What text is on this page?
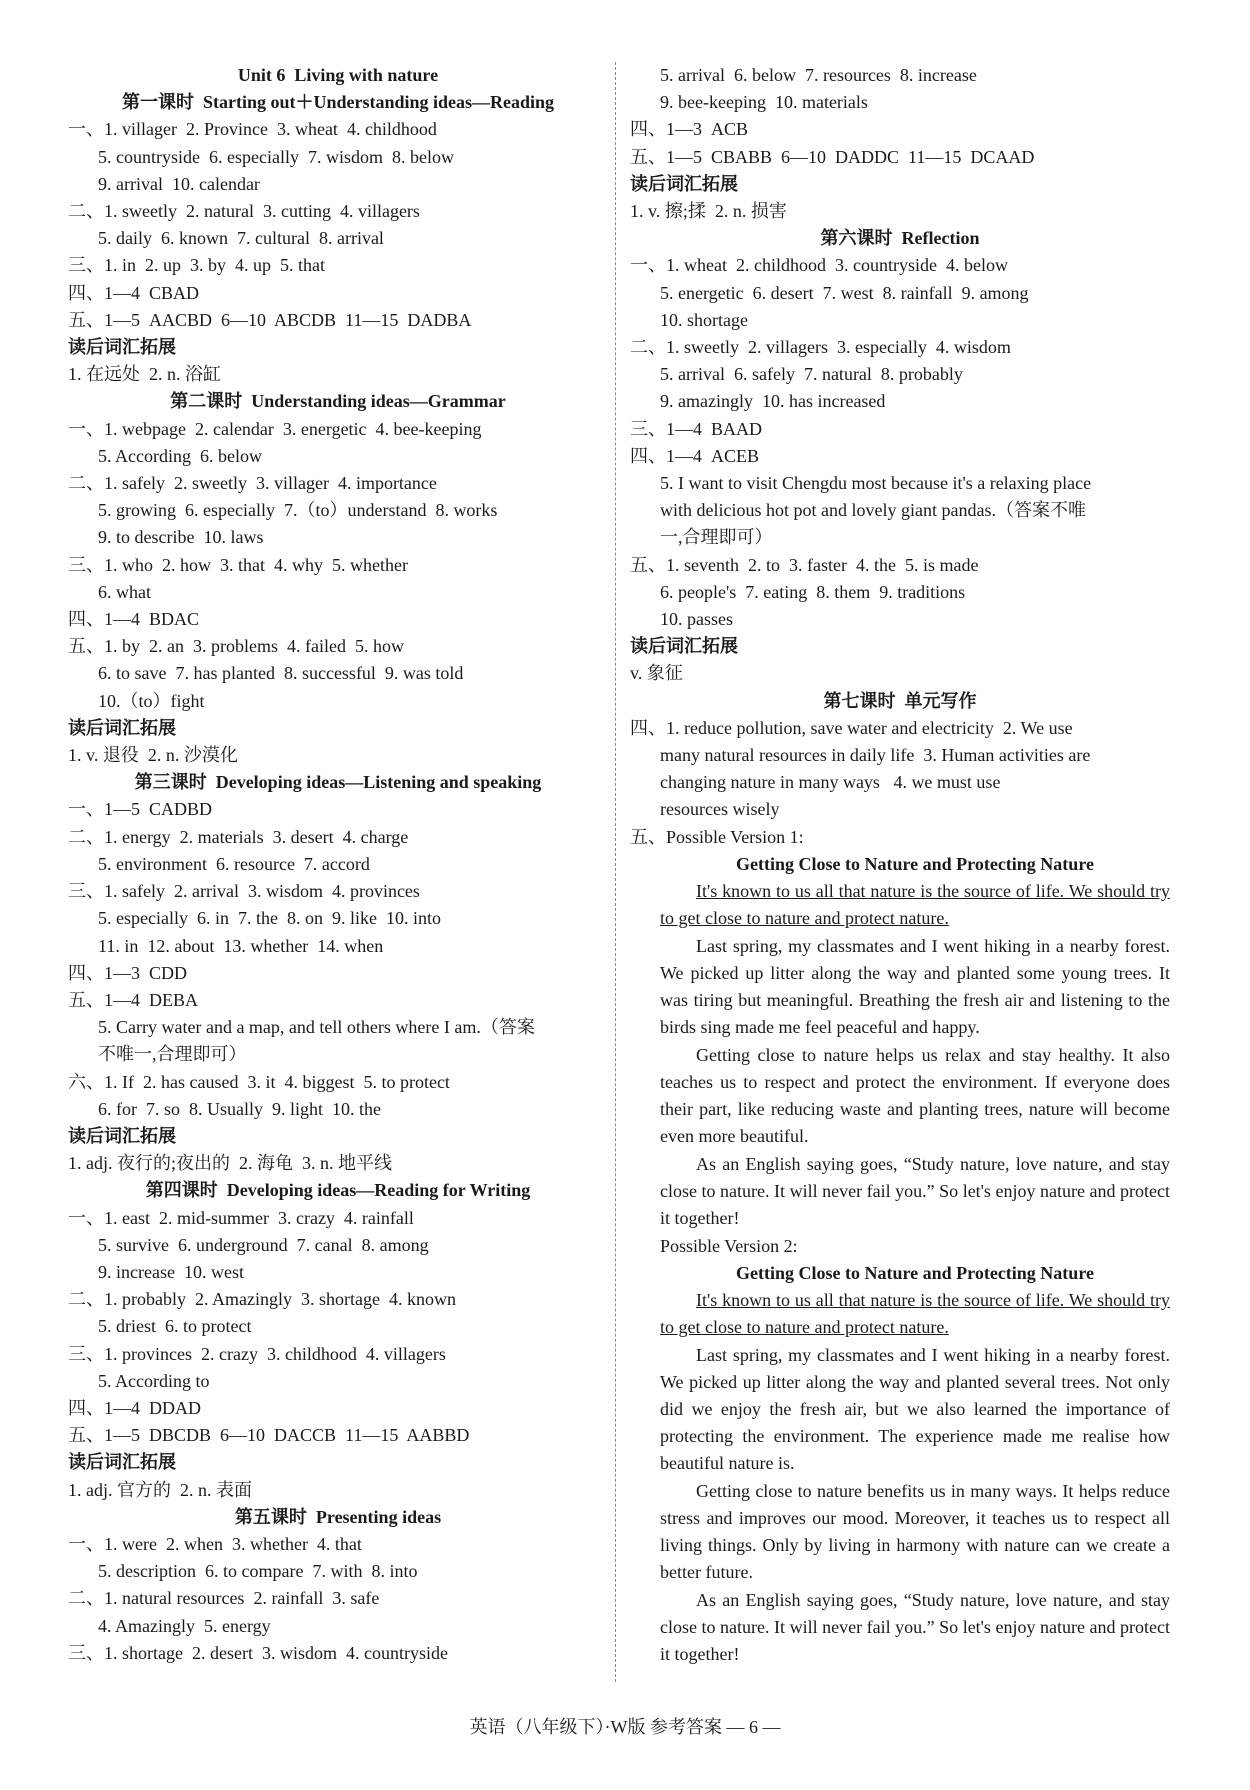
Unit 6  Living with nature
第一课时  Starting out＋Understanding ideas—Reading
一、1. villager  2. Province  3. wheat  4. childhood
5. countryside  6. especially  7. wisdom  8. below
9. arrival  10. calendar
二、1. sweetly  2. natural  3. cutting  4. villagers
5. daily  6. known  7. cultural  8. arrival
三、1. in  2. up  3. by  4. up  5. that
四、1—4  CBAD
五、1—5  AACBD  6—10  ABCDB  11—15  DADBA
读后词汇拓展
1. 在远处  2. n. 浴缸
第二课时  Understanding ideas—Grammar
一、1. webpage  2. calendar  3. energetic  4. bee-keeping
5. According  6. below
二、1. safely  2. sweetly  3. villager  4. importance
5. growing  6. especially  7.（to）understand  8. works
9. to describe  10. laws
三、1. who  2. how  3. that  4. why  5. whether
6. what
四、1—4  BDAC
五、1. by  2. an  3. problems  4. failed  5. how
6. to save  7. has planted  8. successful  9. was told
10.（to）fight
读后词汇拓展
1. v. 退役  2. n. 沙漠化
第三课时  Developing ideas—Listening and speaking
一、1—5  CADBD
二、1. energy  2. materials  3. desert  4. charge
5. environment  6. resource  7. accord
三、1. safely  2. arrival  3. wisdom  4. provinces
5. especially  6. in  7. the  8. on  9. like  10. into
11. in  12. about  13. whether  14. when
四、1—3  CDD
五、1—4  DEBA
5. Carry water and a map, and tell others where I am.（答案
不唯一,合理即可）
六、1. If  2. has caused  3. it  4. biggest  5. to protect
6. for  7. so  8. Usually  9. light  10. the
读后词汇拓展
1. adj. 夜行的;夜出的  2. 海龟  3. n. 地平线
第四课时  Developing ideas—Reading for Writing
一、1. east  2. mid-summer  3. crazy  4. rainfall
5. survive  6. underground  7. canal  8. among
9. increase  10. west
二、1. probably  2. Amazingly  3. shortage  4. known
5. driest  6. to protect
三、1. provinces  2. crazy  3. childhood  4. villagers
5. According to
四、1—4  DDAD
五、1—5  DBCDB  6—10  DACCB  11—15  AABBD
读后词汇拓展
1. adj. 官方的  2. n. 表面
第五课时  Presenting ideas
一、1. were  2. when  3. whether  4. that
5. description  6. to compare  7. with  8. into
二、1. natural resources  2. rainfall  3. safe
4. Amazingly  5. energy
三、1. shortage  2. desert  3. wisdom  4. countryside
5. arrival  6. below  7. resources  8. increase
9. bee-keeping  10. materials
四、1—3  ACB
五、1—5  CBABB  6—10  DADDC  11—15  DCAAD
读后词汇拓展
1. v. 擦;揉  2. n. 损害
第六课时  Reflection
一、1. wheat  2. childhood  3. countryside  4. below
5. energetic  6. desert  7. west  8. rainfall  9. among
10. shortage
二、1. sweetly  2. villagers  3. especially  4. wisdom
5. arrival  6. safely  7. natural  8. probably
9. amazingly  10. has increased
三、1—4  BAAD
四、1—4  ACEB
5. I want to visit Chengdu most because it's a relaxing place
with delicious hot pot and lovely giant pandas.（答案不唯
一,合理即可）
五、1. seventh  2. to  3. faster  4. the  5. is made
6. people's  7. eating  8. them  9. traditions
10. passes
读后词汇拓展
v. 象征
第七课时  单元写作
四、1. reduce pollution, save water and electricity  2. We use
many natural resources in daily life  3. Human activities are
changing nature in many ways   4. we must use
resources wisely
五、Possible Version 1:
Getting Close to Nature and Protecting Nature

It's known to us all that nature is the source of life. We should try to get close to nature and protect nature.

Last spring, my classmates and I went hiking in a nearby forest. We picked up litter along the way and planted some young trees. It was tiring but meaningful. Breathing the fresh air and listening to the birds sing made me feel peaceful and happy.

Getting close to nature helps us relax and stay healthy. It also teaches us to respect and protect the environment. If everyone does their part, like reducing waste and planting trees, nature will become even more beautiful.

As an English saying goes, “Study nature, love nature, and stay close to nature. It will never fail you.” So let's enjoy nature and protect it together!

Possible Version 2:
Getting Close to Nature and Protecting Nature

It's known to us all that nature is the source of life. We should try to get close to nature and protect nature.

Last spring, my classmates and I went hiking in a nearby forest. We picked up litter along the way and planted several trees. Not only did we enjoy the fresh air, but we also learned the importance of protecting the environment. The experience made me realise how beautiful nature is.

Getting close to nature benefits us in many ways. It helps reduce stress and improves our mood. Moreover, it teaches us to respect all living things. Only by living in harmony with nature can we create a better future.

As an English saying goes, “Study nature, love nature, and stay close to nature. It will never fail you.” So let's enjoy nature and protect it together!

英语（八年级下）·W版 参考答案 — 6 —
